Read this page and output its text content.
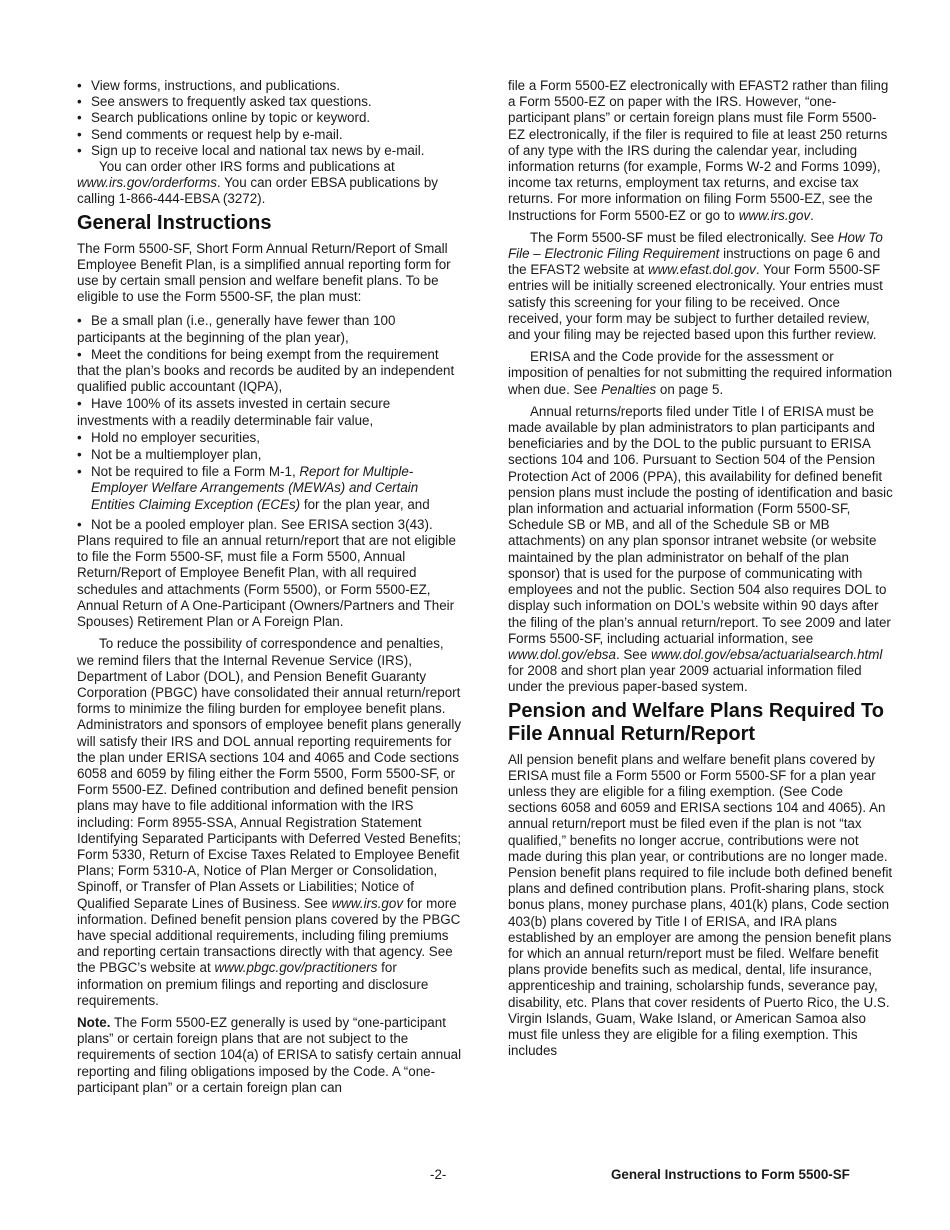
• View forms, instructions, and publications.
• See answers to frequently asked tax questions.
• Search publications online by topic or keyword.
• Send comments or request help by e-mail.
• Sign up to receive local and national tax news by e-mail.

You can order other IRS forms and publications at www.irs.gov/orderforms. You can order EBSA publications by calling 1-866-444-EBSA (3272).

General Instructions

The Form 5500-SF, Short Form Annual Return/Report of Small Employee Benefit Plan, is a simplified annual reporting form for use by certain small pension and welfare benefit plans. To be eligible to use the Form 5500-SF, the plan must:

• Be a small plan (i.e., generally have fewer than 100 participants at the beginning of the plan year),

• Meet the conditions for being exempt from the requirement that the plan’s books and records be audited by an independent qualified public accountant (IQPA),

• Have 100% of its assets invested in certain secure investments with a readily determinable fair value,

• Hold no employer securities,

• Not be a multiemployer plan,

• Not be required to file a Form M-1, Report for Multiple-Employer Welfare Arrangements (MEWAs) and Certain Entities Claiming Exception (ECEs) for the plan year, and

• Not be a pooled employer plan. See ERISA section 3(43).

Plans required to file an annual return/report that are not eligible to file the Form 5500-SF, must file a Form 5500, Annual Return/Report of Employee Benefit Plan, with all required schedules and attachments (Form 5500), or Form 5500-EZ, Annual Return of A One-Participant (Owners/Partners and Their Spouses) Retirement Plan or A Foreign Plan.

To reduce the possibility of correspondence and penalties, we remind filers that the Internal Revenue Service (IRS), Department of Labor (DOL), and Pension Benefit Guaranty Corporation (PBGC) have consolidated their annual return/report forms to minimize the filing burden for employee benefit plans. Administrators and sponsors of employee benefit plans generally will satisfy their IRS and DOL annual reporting requirements for the plan under ERISA sections 104 and 4065 and Code sections 6058 and 6059 by filing either the Form 5500, Form 5500-SF, or Form 5500-EZ. Defined contribution and defined benefit pension plans may have to file additional information with the IRS including: Form 8955-SSA, Annual Registration Statement Identifying Separated Participants with Deferred Vested Benefits; Form 5330, Return of Excise Taxes Related to Employee Benefit Plans; Form 5310-A, Notice of Plan Merger or Consolidation, Spinoff, or Transfer of Plan Assets or Liabilities; Notice of Qualified Separate Lines of Business. See www.irs.gov for more information. Defined benefit pension plans covered by the PBGC have special additional requirements, including filing premiums and reporting certain transactions directly with that agency. See the PBGC’s website at www.pbgc.gov/practitioners for information on premium filings and reporting and disclosure requirements.

Note. The Form 5500-EZ generally is used by “one-participant plans” or certain foreign plans that are not subject to the requirements of section 104(a) of ERISA to satisfy certain annual reporting and filing obligations imposed by the Code. A “one-participant plan” or a certain foreign plan can

file a Form 5500-EZ electronically with EFAST2 rather than filing a Form 5500-EZ on paper with the IRS. However, “one-participant plans” or certain foreign plans must file Form 5500-EZ electronically, if the filer is required to file at least 250 returns of any type with the IRS during the calendar year, including information returns (for example, Forms W-2 and Forms 1099), income tax returns, employment tax returns, and excise tax returns. For more information on filing Form 5500-EZ, see the Instructions for Form 5500-EZ or go to www.irs.gov.

The Form 5500-SF must be filed electronically. See How To File – Electronic Filing Requirement instructions on page 6 and the EFAST2 website at www.efast.dol.gov. Your Form 5500-SF entries will be initially screened electronically. Your entries must satisfy this screening for your filing to be received. Once received, your form may be subject to further detailed review, and your filing may be rejected based upon this further review.

ERISA and the Code provide for the assessment or imposition of penalties for not submitting the required information when due. See Penalties on page 5.

Annual returns/reports filed under Title I of ERISA must be made available by plan administrators to plan participants and beneficiaries and by the DOL to the public pursuant to ERISA sections 104 and 106. Pursuant to Section 504 of the Pension Protection Act of 2006 (PPA), this availability for defined benefit pension plans must include the posting of identification and basic plan information and actuarial information (Form 5500-SF, Schedule SB or MB, and all of the Schedule SB or MB attachments) on any plan sponsor intranet website (or website maintained by the plan administrator on behalf of the plan sponsor) that is used for the purpose of communicating with employees and not the public. Section 504 also requires DOL to display such information on DOL’s website within 90 days after the filing of the plan’s annual return/report. To see 2009 and later Forms 5500-SF, including actuarial information, see www.dol.gov/ebsa. See www.dol.gov/ebsa/actuarialsearch.html for 2008 and short plan year 2009 actuarial information filed under the previous paper-based system.

Pension and Welfare Plans Required To File Annual Return/Report

All pension benefit plans and welfare benefit plans covered by ERISA must file a Form 5500 or Form 5500-SF for a plan year unless they are eligible for a filing exemption. (See Code sections 6058 and 6059 and ERISA sections 104 and 4065). An annual return/report must be filed even if the plan is not “tax qualified,” benefits no longer accrue, contributions were not made during this plan year, or contributions are no longer made. Pension benefit plans required to file include both defined benefit plans and defined contribution plans. Profit-sharing plans, stock bonus plans, money purchase plans, 401(k) plans, Code section 403(b) plans covered by Title I of ERISA, and IRA plans established by an employer are among the pension benefit plans for which an annual return/report must be filed. Welfare benefit plans provide benefits such as medical, dental, life insurance, apprenticeship and training, scholarship funds, severance pay, disability, etc. Plans that cover residents of Puerto Rico, the U.S. Virgin Islands, Guam, Wake Island, or American Samoa also must file unless they are eligible for a filing exemption. This includes

-2-	General Instructions to Form 5500-SF
